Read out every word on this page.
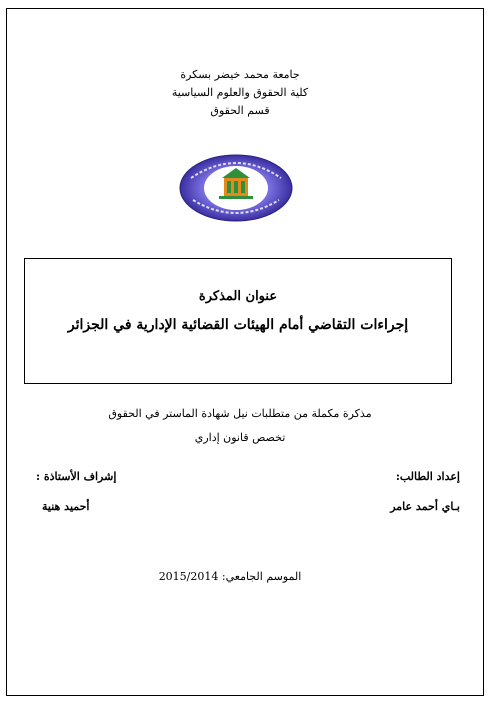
جامعة محمد خيضر بسكرة
كلية الحقوق والعلوم السياسية
قسم الحقوق
عنوان المذكرة
إجراءات التقاضي أمام الهيئات القضائية الإدارية في الجزائر
مذكرة مكملة من متطلبات نيل شهادة الماستر في الحقوق
تخصص قانون إداري
إعداد الطالب:
بـاي أحمد عامر
إشراف الأستاذة :
أحميد هنية
الموسم الجامعي: 2015/2014
